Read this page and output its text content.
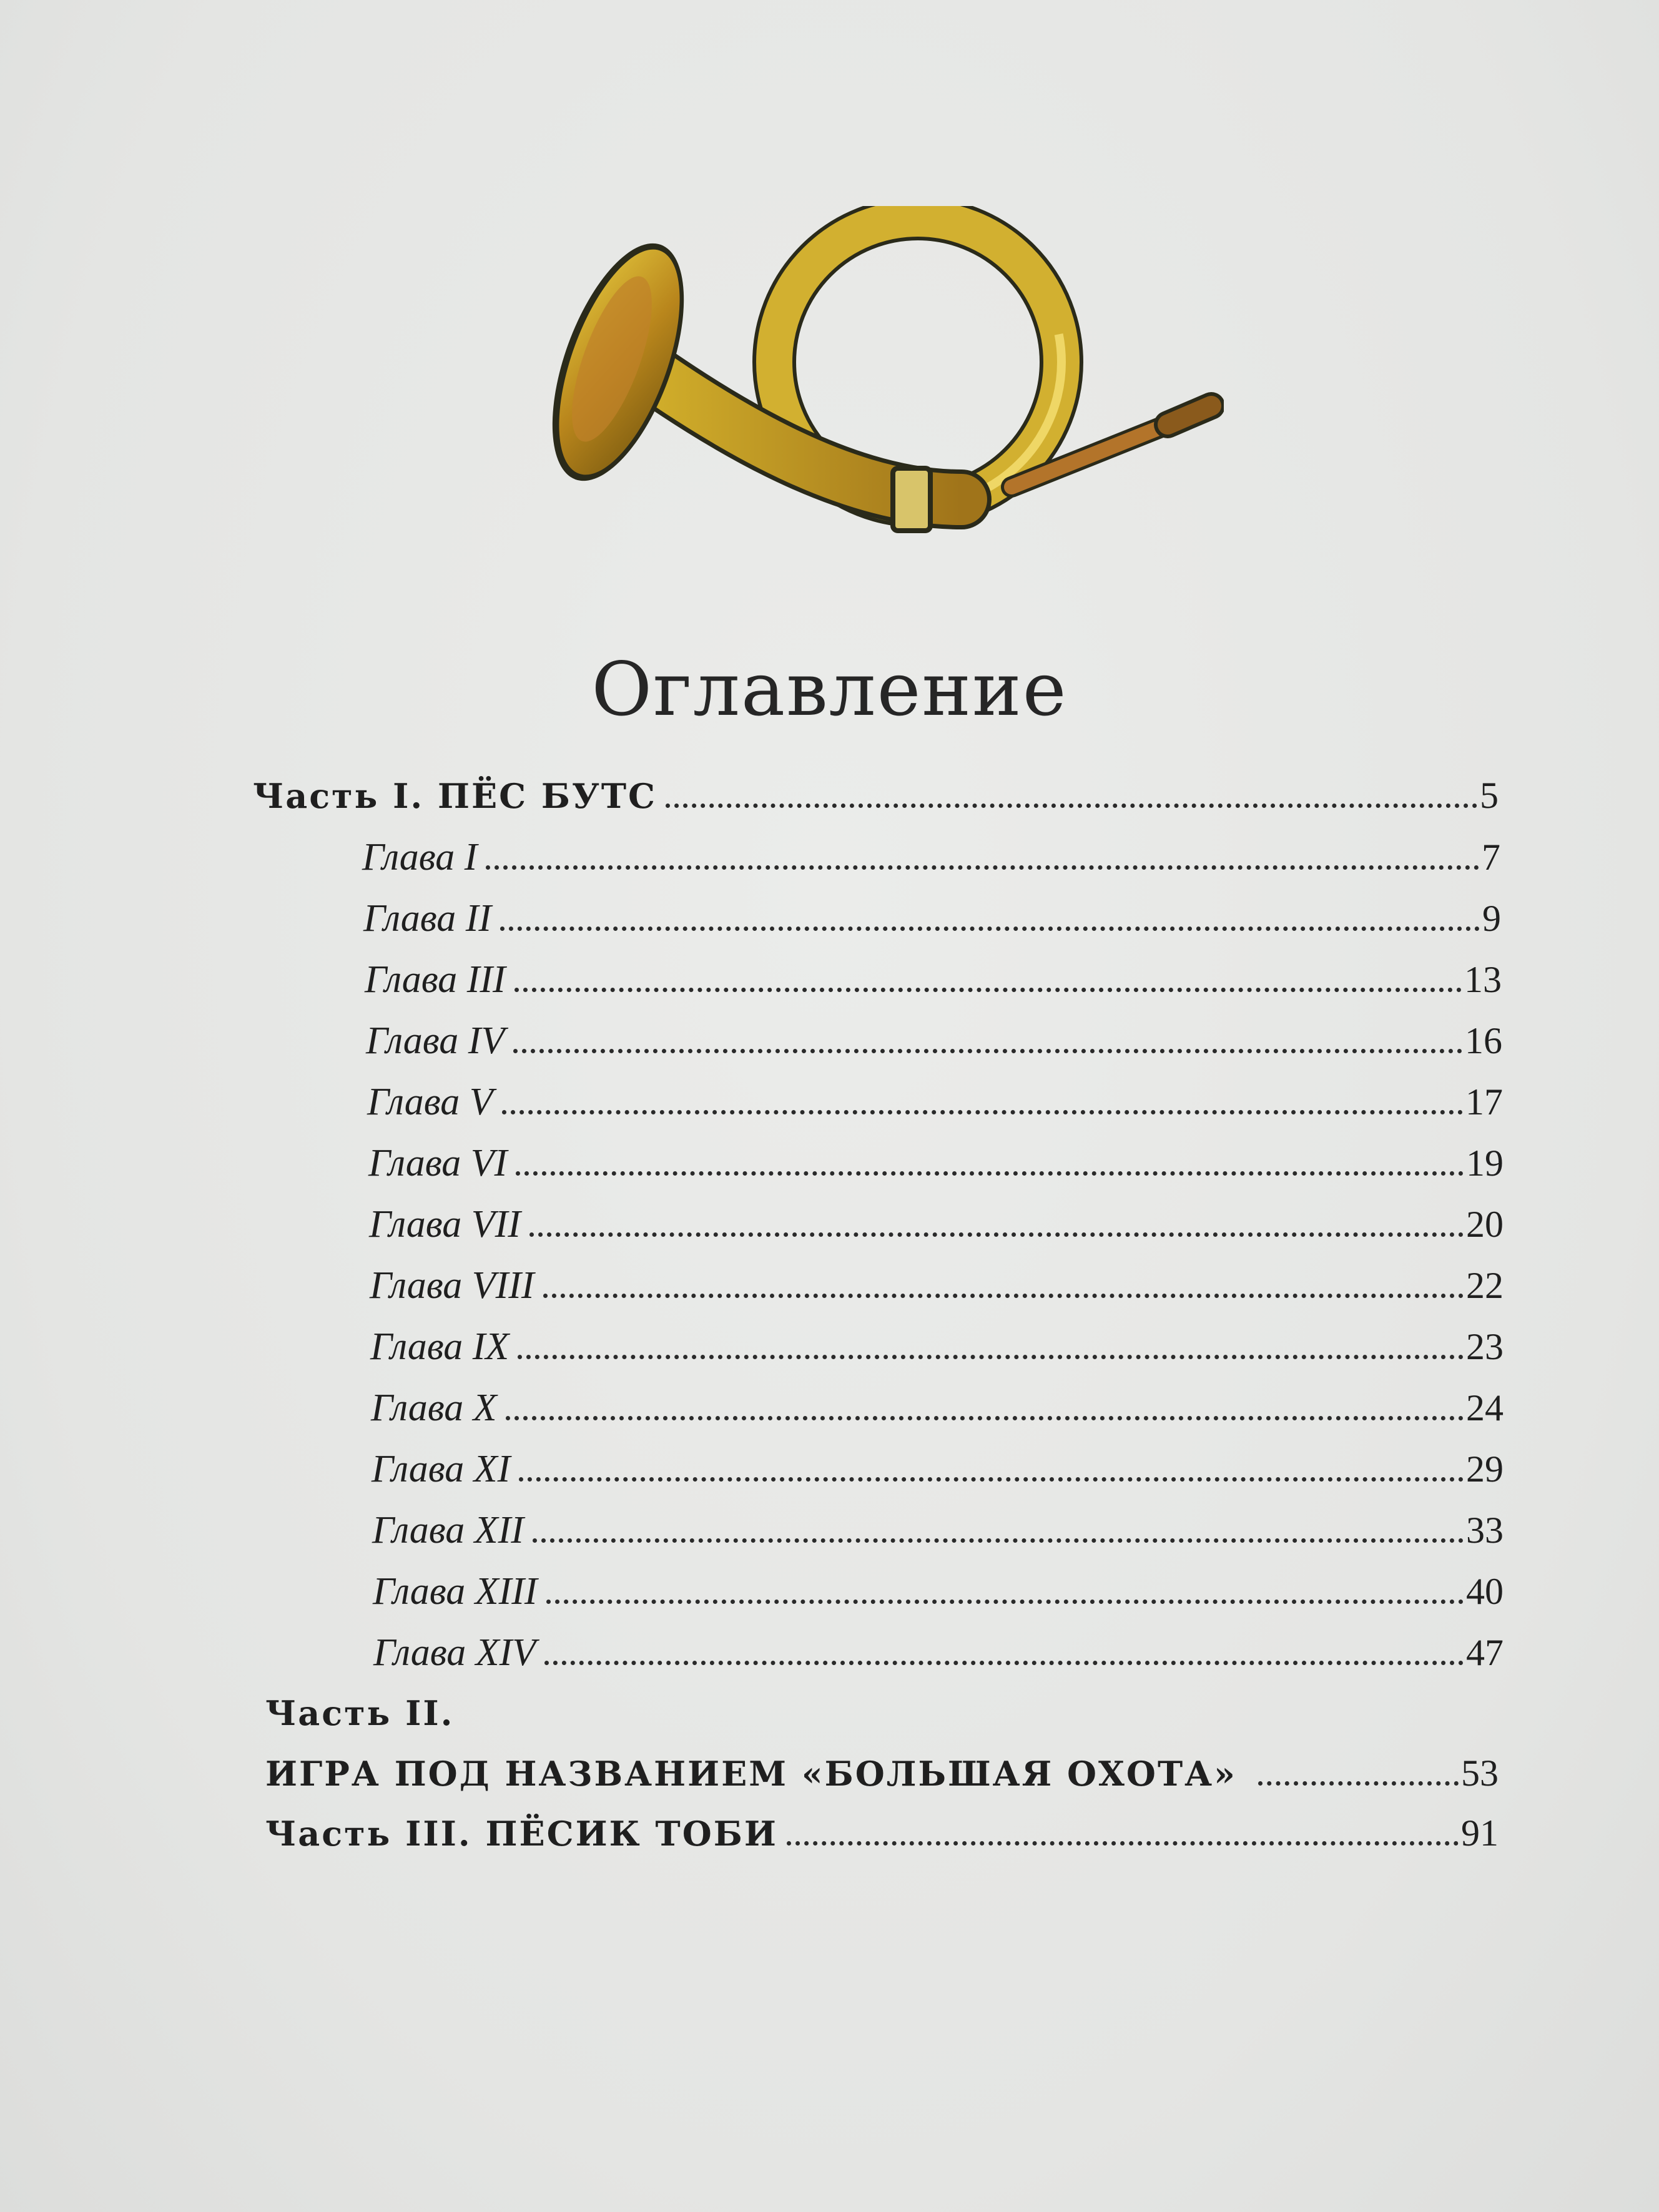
Оглавление
Часть I. ПЁС БУТС	5
Глава I	7
Глава II	9
Глава III	13
Глава IV	16
Глава V	17
Глава VI	19
Глава VII	20
Глава VIII	22
Глава IX	23
Глава X	24
Глава XI	29
Глава XII	33
Глава XIII	40
Глава XIV	47
Часть II.
ИГРА ПОД НАЗВАНИЕМ «БОЛЬШАЯ ОХОТА»	53
Часть III. ПЁСИК ТОБИ	91
